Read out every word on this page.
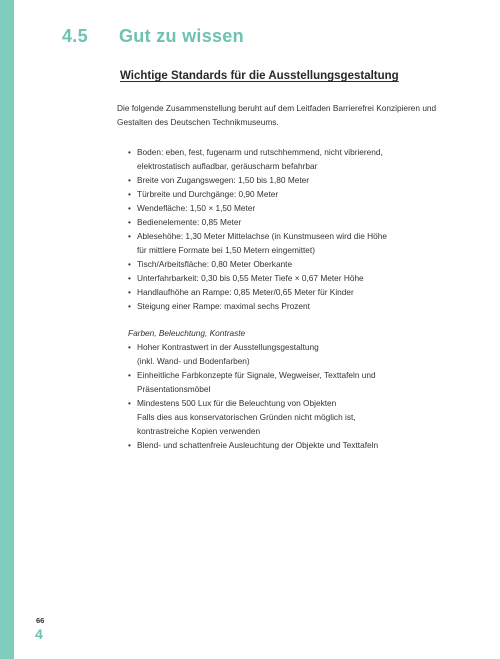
4.5 Gut zu wissen
Wichtige Standards für die Ausstellungsgestaltung
Die folgende Zusammenstellung beruht auf dem Leitfaden Barrierefrei Konzipieren und
Gestalten des Deutschen Technikmuseums.
• Boden: eben, fest, fugenarm und rutschhemmend, nicht vibrierend,
elektrostatisch aufladbar, geräuscharm befahrbar
• Breite von Zugangswegen: 1,50 bis 1,80 Meter
• Türbreite und Durchgänge: 0,90 Meter
• Wendefläche: 1,50 × 1,50 Meter
• Bedienelemente: 0,85 Meter
• Ablesehöhe: 1,30 Meter Mittelachse (in Kunstmuseen wird die Höhe
für mittlere Formate bei 1,50 Metern eingemittet)
• Tisch/Arbeitsfläche: 0,80 Meter Oberkante
• Unterfahrbarkeit: 0,30 bis 0,55 Meter Tiefe × 0,67 Meter Höhe
• Handlaufhöhe an Rampe: 0,85 Meter/0,65 Meter für Kinder
• Steigung einer Rampe: maximal sechs Prozent
Farben, Beleuchtung, Kontraste
• Hoher Kontrastwert in der Ausstellungsgestaltung
(inkl. Wand- und Bodenfarben)
• Einheitliche Farbkonzepte für Signale, Wegweiser, Texttafeln und
Präsentationsmöbel
• Mindestens 500 Lux für die Beleuchtung von Objekten
Falls dies aus konservatorischen Gründen nicht möglich ist,
kontrastreiche Kopien verwenden
• Blend- und schattenfreie Ausleuchtung der Objekte und Texttafeln
66
4
